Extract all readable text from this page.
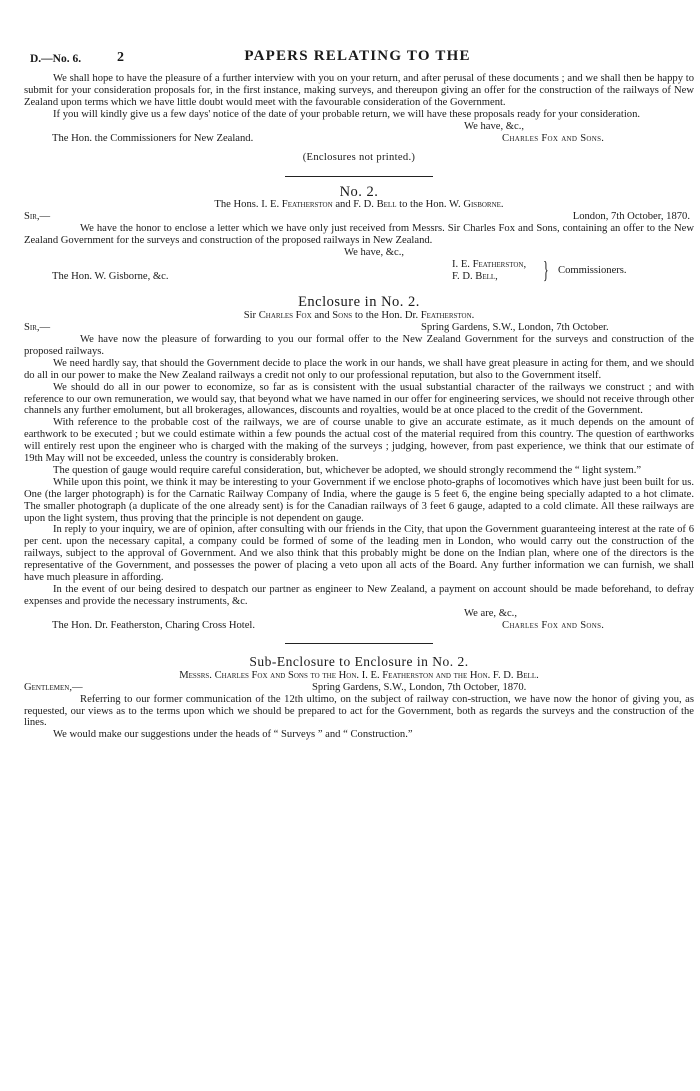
D.—No. 6.	2	PAPERS RELATING TO THE

We shall hope to have the pleasure of a further interview with you on your return, and after perusal of these documents ; and we shall then be happy to submit for your consideration proposals for, in the first instance, making surveys, and thereupon giving an offer for the construction of the railways of New Zealand upon terms which we have little doubt would meet with the favourable consideration of the Government.

If you will kindly give us a few days' notice of the date of your probable return, we will have these proposals ready for your consideration.

We have, &c.,
The Hon. the Commissioners for New Zealand.	Charles Fox and Sons.
(Enclosures not printed.)
No. 2.
The Hons. I. E. Featherston and F. D. Bell to the Hon. W. Gisborne.
Sir,—	London, 7th October, 1870.

We have the honor to enclose a letter which we have only just received from Messrs. Sir Charles Fox and Sons, containing an offer to the New Zealand Government for the surveys and construction of the proposed railways in New Zealand.

We have, &c.,
I. E. Featherston,
F. D. Bell, } Commissioners.
The Hon. W. Gisborne, &c.
Enclosure in No. 2.
Sir Charles Fox and Sons to the Hon. Dr. Featherston.
Sir,—	Spring Gardens, S.W., London, 7th October.

We have now the pleasure of forwarding to you our formal offer to the New Zealand Government for the surveys and construction of the proposed railways.

We need hardly say, that should the Government decide to place the work in our hands, we shall have great pleasure in acting for them, and we should do all in our power to make the New Zealand railways a credit not only to our professional reputation, but also to the Government itself.

We should do all in our power to economize, so far as is consistent with the usual substantial character of the railways we construct ; and with reference to our own remuneration, we would say, that beyond what we have named in our offer for engineering services, we should not receive through other channels any further emolument, but all brokerages, allowances, discounts and royalties, would be at once placed to the credit of the Government.

With reference to the probable cost of the railways, we are of course unable to give an accurate estimate, as it much depends on the amount of earthwork to be executed ; but we could estimate within a few pounds the actual cost of the material required from this country. The question of earthworks will entirely rest upon the engineer who is charged with the making of the surveys ; judging, however, from past experience, we think that our estimate of 19th May will not be exceeded, unless the country is considerably broken.

The question of gauge would require careful consideration, but, whichever be adopted, we should strongly recommend the “ light system.”

While upon this point, we think it may be interesting to your Government if we enclose photo-graphs of locomotives which have just been built for us. One (the larger photograph) is for the Carnatic Railway Company of India, where the gauge is 5 feet 6, the engine being specially adapted to a hot climate. The smaller photograph (a duplicate of the one already sent) is for the Canadian railways of 3 feet 6 gauge, adapted to a cold climate. All these railways are upon the light system, thus proving that the principle is not dependent on gauge.

In reply to your inquiry, we are of opinion, after consulting with our friends in the City, that upon the Government guaranteeing interest at the rate of 6 per cent. upon the necessary capital, a company could be formed of some of the leading men in London, who would carry out the construction of the railways, subject to the approval of Government. And we also think that this probably might be done on the Indian plan, where one of the directors is the representative of the Government, and possesses the power of placing a veto upon all acts of the Board. Any further information we can furnish, we shall have much pleasure in affording.

In the event of our being desired to despatch our partner as engineer to New Zealand, a payment on account should be made beforehand, to defray expenses and provide the necessary instruments, &c.

We are, &c.,
The Hon. Dr. Featherston, Charing Cross Hotel.	Charles Fox and Sons.
Sub-Enclosure to Enclosure in No. 2.
Messrs. Charles Fox and Sons to the Hon. I. E. Featherston and the Hon. F. D. Bell.
Gentlemen,—	Spring Gardens, S.W., London, 7th October, 1870.

Referring to our former communication of the 12th ultimo, on the subject of railway con-struction, we have now the honor of giving you, as requested, our views as to the terms upon which we should be prepared to act for the Government, both as regards the surveys and the construction of the lines.

We would make our suggestions under the heads of “ Surveys ” and “ Construction.”
